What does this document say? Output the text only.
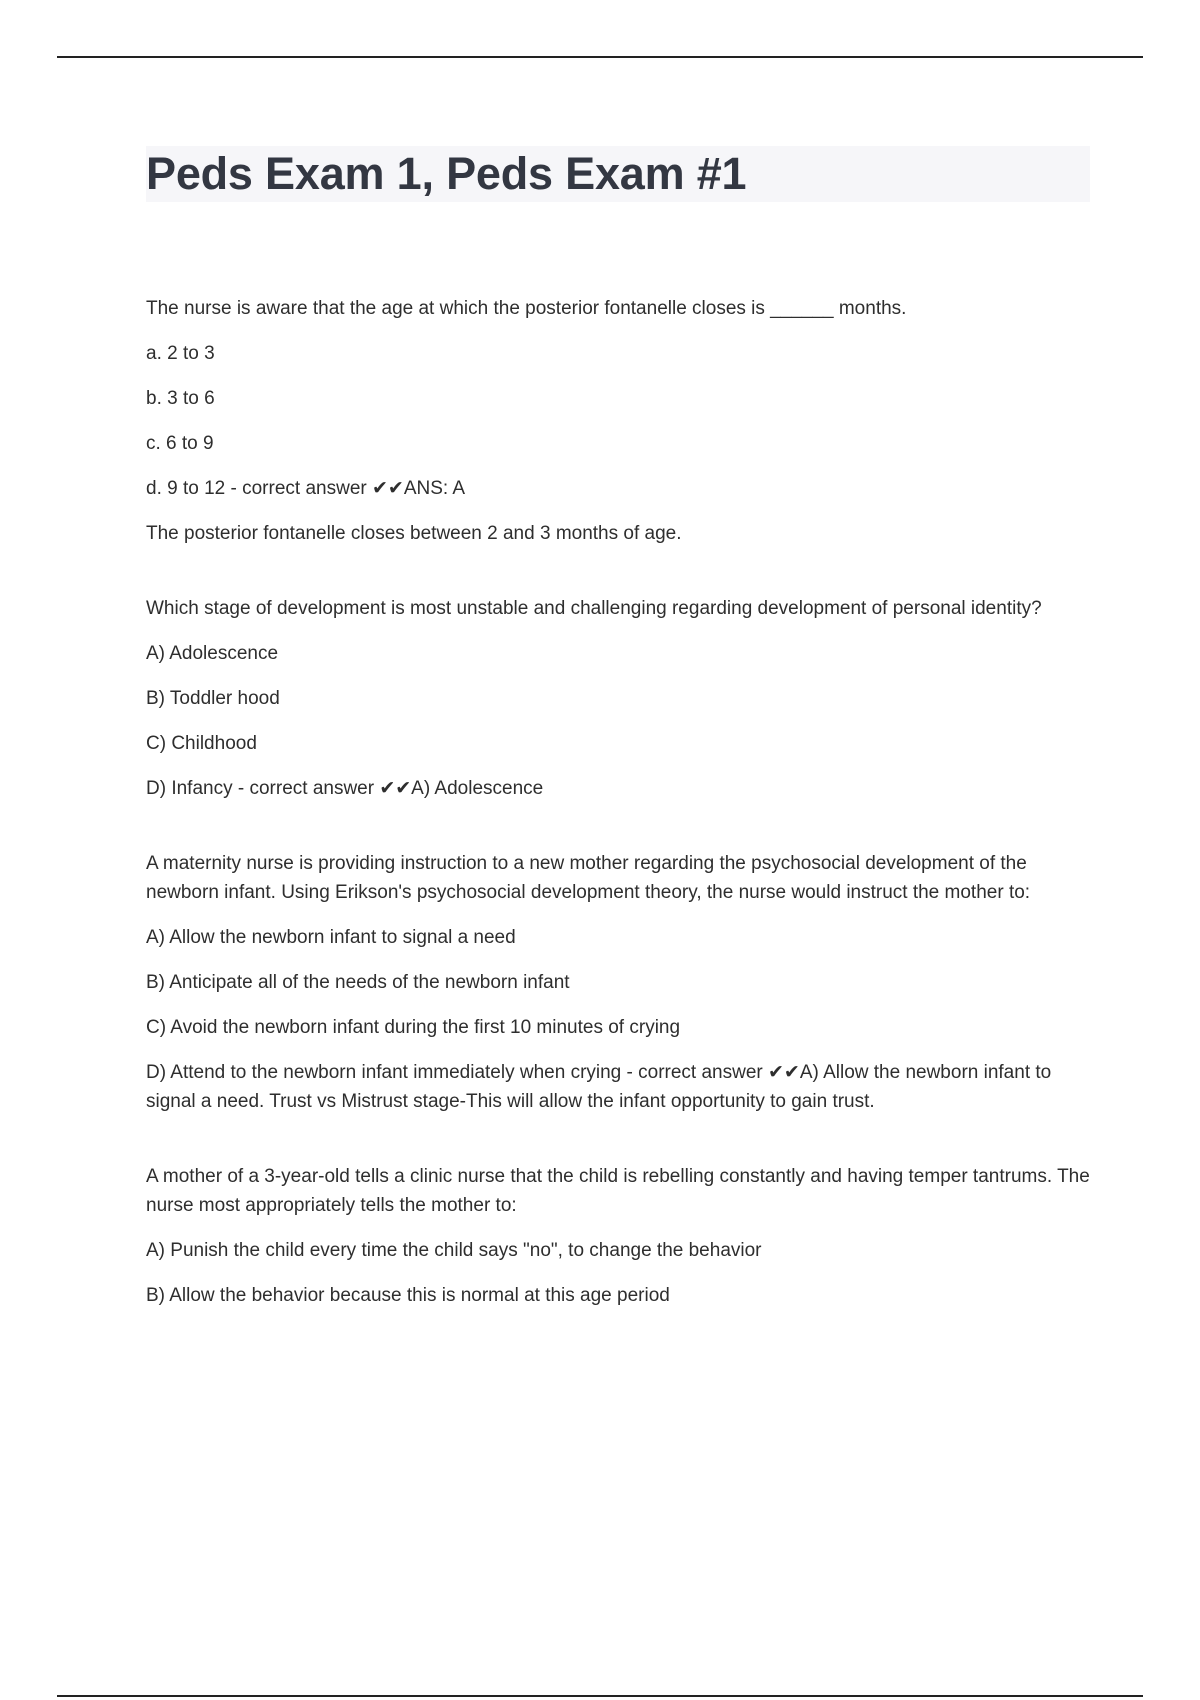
Peds Exam 1, Peds Exam #1

The nurse is aware that the age at which the posterior fontanelle closes is ______ months.

a. 2 to 3

b. 3 to 6

c. 6 to 9

d. 9 to 12 - correct answer ✔✔ANS: A

The posterior fontanelle closes between 2 and 3 months of age.

Which stage of development is most unstable and challenging regarding development of personal identity?

A) Adolescence

B) Toddler hood

C) Childhood

D) Infancy - correct answer ✔✔A) Adolescence

A maternity nurse is providing instruction to a new mother regarding the psychosocial development of the newborn infant. Using Erikson's psychosocial development theory, the nurse would instruct the mother to:

A) Allow the newborn infant to signal a need

B) Anticipate all of the needs of the newborn infant

C) Avoid the newborn infant during the first 10 minutes of crying

D) Attend to the newborn infant immediately when crying - correct answer ✔✔A) Allow the newborn infant to signal a need. Trust vs Mistrust stage-This will allow the infant opportunity to gain trust.

A mother of a 3-year-old tells a clinic nurse that the child is rebelling constantly and having temper tantrums. The nurse most appropriately tells the mother to:

A) Punish the child every time the child says "no", to change the behavior

B) Allow the behavior because this is normal at this age period
